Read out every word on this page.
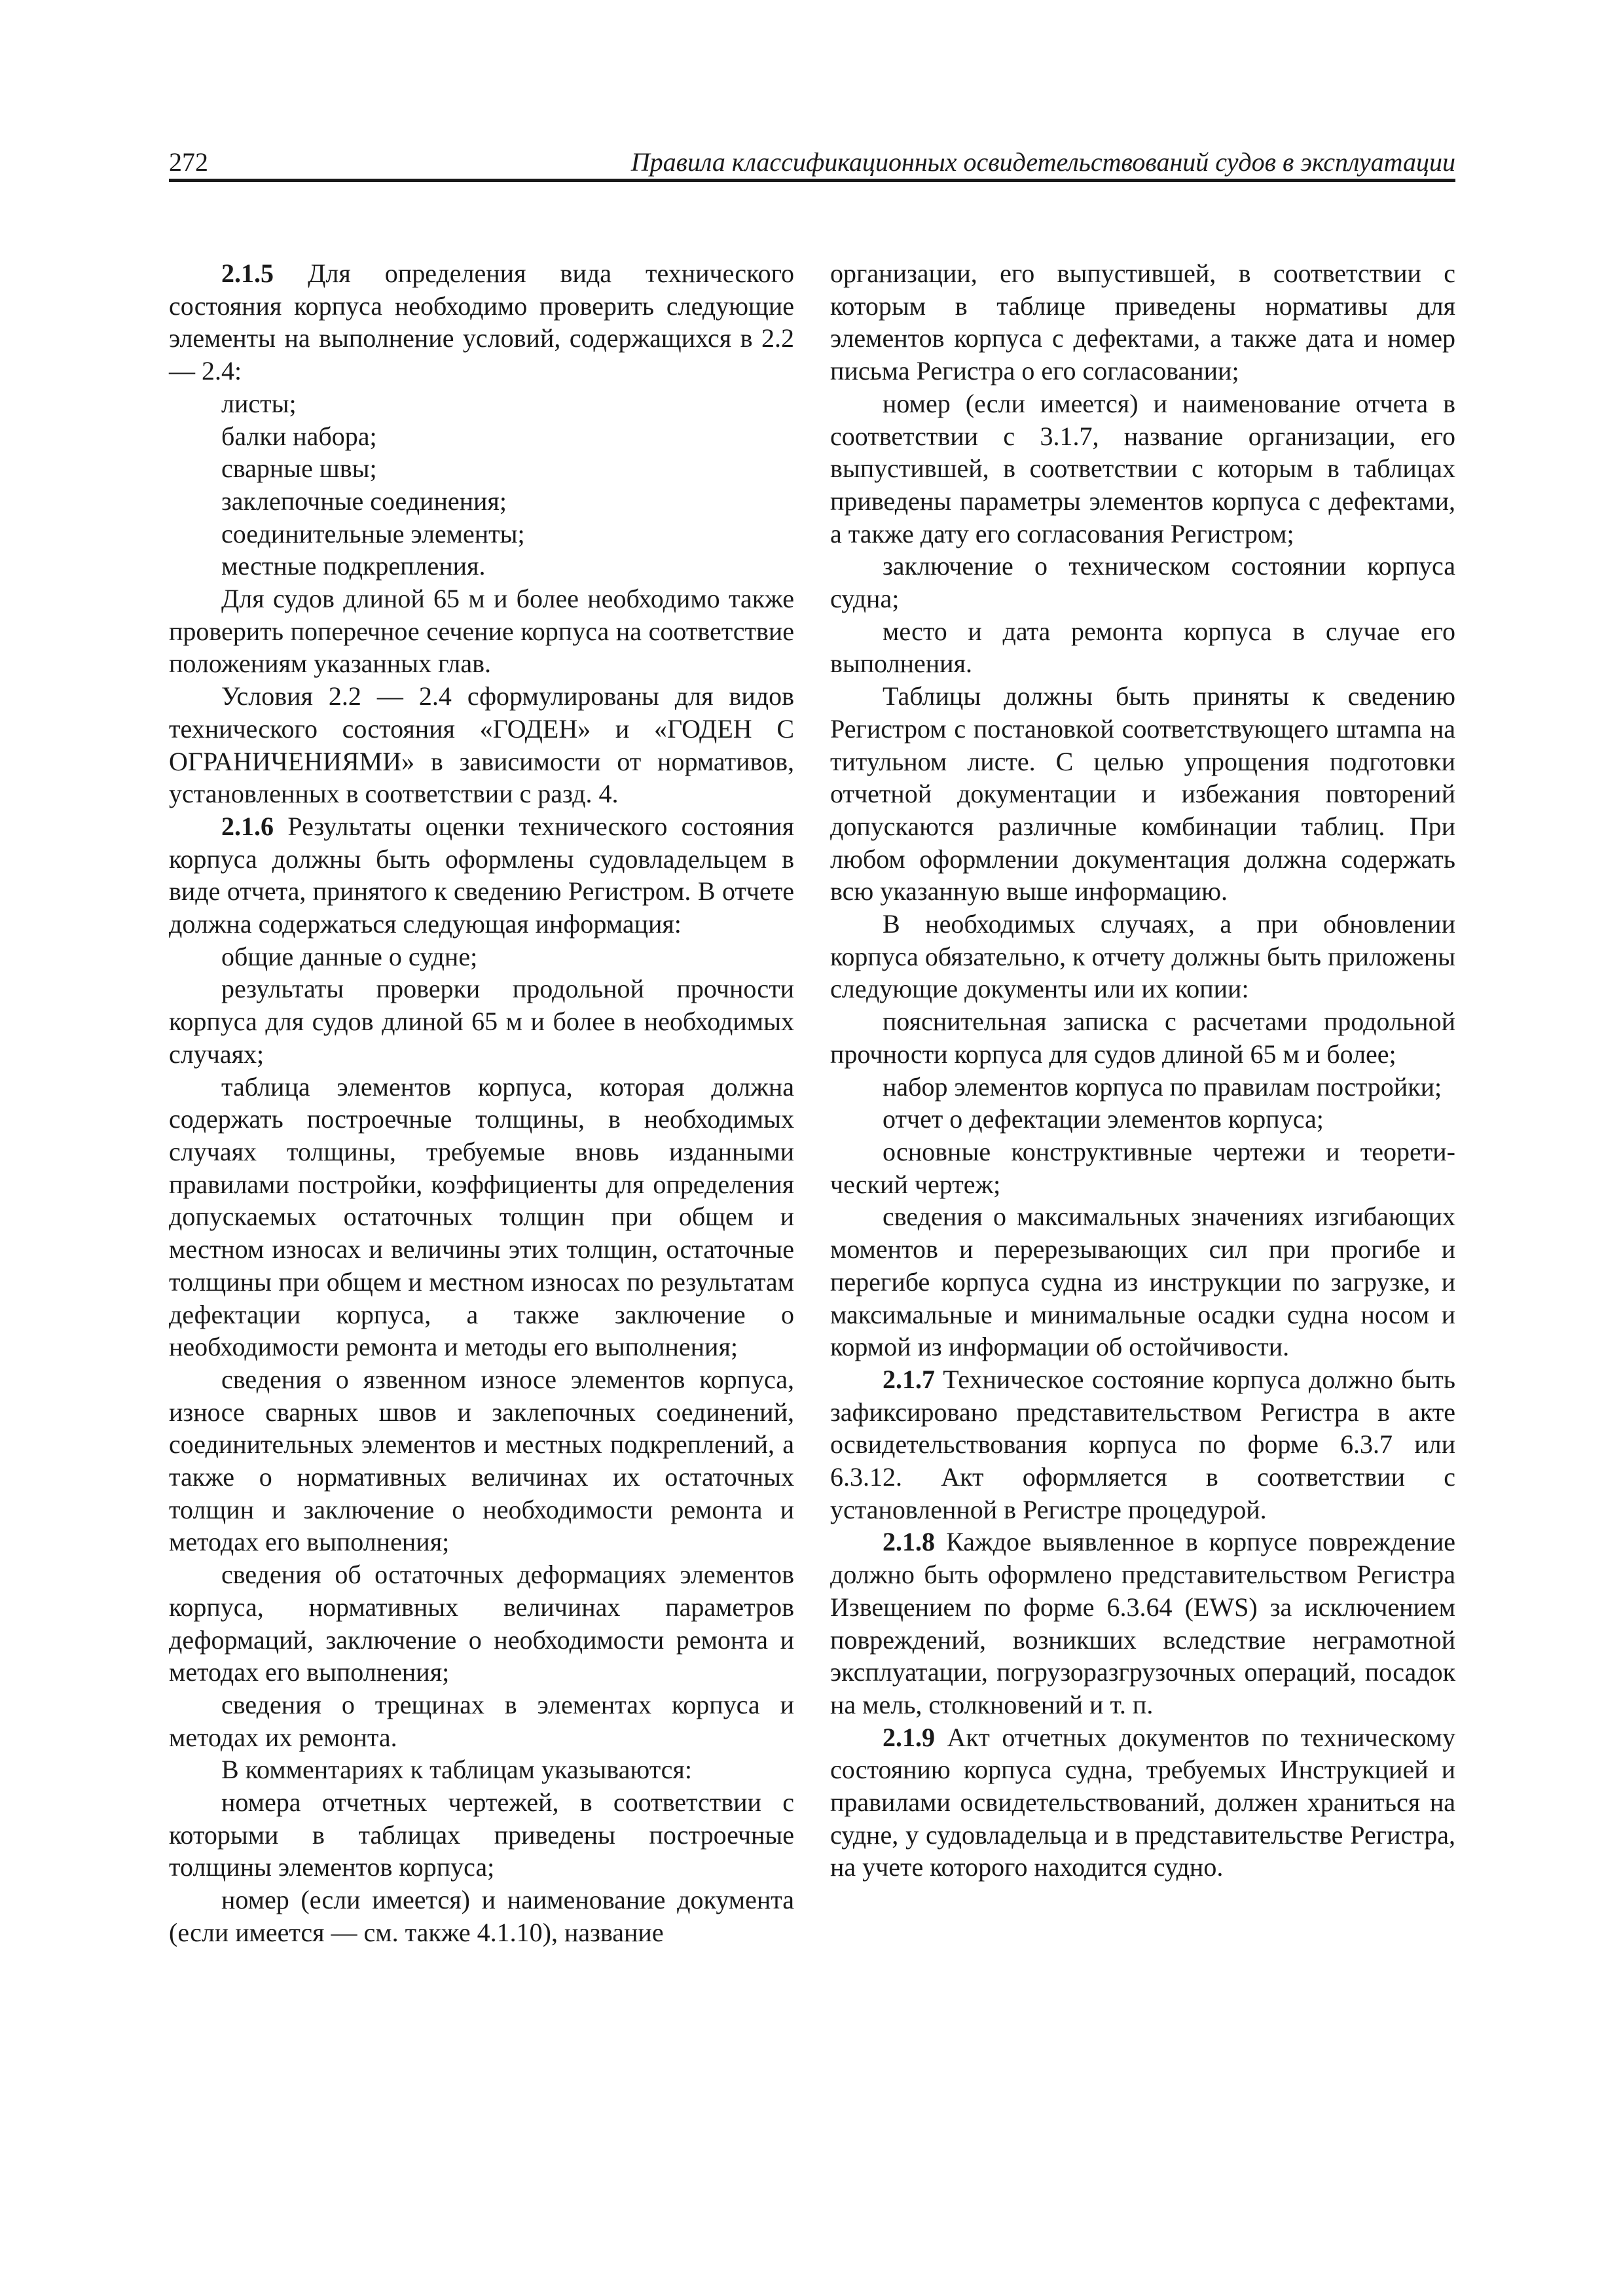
272	Правила классификационных освидетельствований судов в эксплуатации

2.1.5 Для определения вида технического состояния корпуса необходимо проверить следующие элементы на выполнение условий, содержащихся в 2.2 — 2.4:

листы;

балки набора;

сварные швы;

заклепочные соединения;

соединительные элементы;

местные подкрепления.

Для судов длиной 65 м и более необходимо также проверить поперечное сечение корпуса на соответствие положениям указанных глав.

Условия 2.2 — 2.4 сформулированы для видов технического состояния «ГОДЕН» и «ГОДЕН С ОГРАНИЧЕНИЯМИ» в зависимости от нормативов, установленных в соответствии с разд. 4.

2.1.6 Результаты оценки технического состояния корпуса должны быть оформлены судовладельцем в виде отчета, принятого к сведению Регистром. В отчете должна содержаться следующая информация:

общие данные о судне;

результаты проверки продольной прочности корпуса для судов длиной 65 м и более в необходимых случаях;

таблица элементов корпуса, которая должна содержать построечные толщины, в необходимых случаях толщины, требуемые вновь изданными правилами постройки, коэффициенты для определения допускаемых остаточных толщин при общем и местном износах и величины этих толщин, остаточные толщины при общем и местном износах по результатам дефектации корпуса, а также заключение о необходимости ремонта и методы его выполнения;

сведения о язвенном износе элементов корпуса, износе сварных швов и заклепочных соединений, соединительных элементов и местных подкреплений, а также о нормативных величинах их остаточных толщин и заключение о необходимости ремонта и методах его выполнения;

сведения об остаточных деформациях элементов корпуса, нормативных величинах параметров деформаций, заключение о необходимости ремонта и методах его выполнения;

сведения о трещинах в элементах корпуса и методах их ремонта.

В комментариях к таблицам указываются:

номера отчетных чертежей, в соответствии с которыми в таблицах приведены построечные толщины элементов корпуса;

номер (если имеется) и наименование документа (если имеется — см. также 4.1.10), название

организации, его выпустившей, в соответствии с которым в таблице приведены нормативы для элементов корпуса с дефектами, а также дата и номер письма Регистра о его согласовании;

номер (если имеется) и наименование отчета в соответствии с 3.1.7, название организации, его выпустившей, в соответствии с которым в таблицах приведены параметры элементов корпуса с дефектами, а также дату его согласования Регистром;

заключение о техническом состоянии корпуса судна;

место и дата ремонта корпуса в случае его выполнения.

Таблицы должны быть приняты к сведению Регистром с постановкой соответствующего штампа на титульном листе. С целью упрощения подготовки отчетной документации и избежания повторений допускаются различные комбинации таблиц. При любом оформлении документация должна содержать всю указанную выше информацию.

В необходимых случаях, а при обновлении корпуса обязательно, к отчету должны быть приложены следующие документы или их копии:

пояснительная записка с расчетами продольной прочности корпуса для судов длиной 65 м и более;

набор элементов корпуса по правилам постройки;

отчет о дефектации элементов корпуса;

основные конструктивные чертежи и теоретический чертеж;

сведения о максимальных значениях изгибающих моментов и перерезывающих сил при прогибе и перегибе корпуса судна из инструкции по загрузке, и максимальные и минимальные осадки судна носом и кормой из информации об остойчивости.

2.1.7 Техническое состояние корпуса должно быть зафиксировано представительством Регистра в акте освидетельствования корпуса по форме 6.3.7 или 6.3.12. Акт оформляется в соответствии с установленной в Регистре процедурой.

2.1.8 Каждое выявленное в корпусе повреждение должно быть оформлено представительством Регистра Извещением по форме 6.3.64 (EWS) за исключением повреждений, возникших вследствие неграмотной эксплуатации, погрузоразгрузочных операций, посадок на мель, столкновений и т. п.

2.1.9 Акт отчетных документов по техническому состоянию корпуса судна, требуемых Инструкцией и правилами освидетельствований, должен храниться на судне, у судовладельца и в представительстве Регистра, на учете которого находится судно.
